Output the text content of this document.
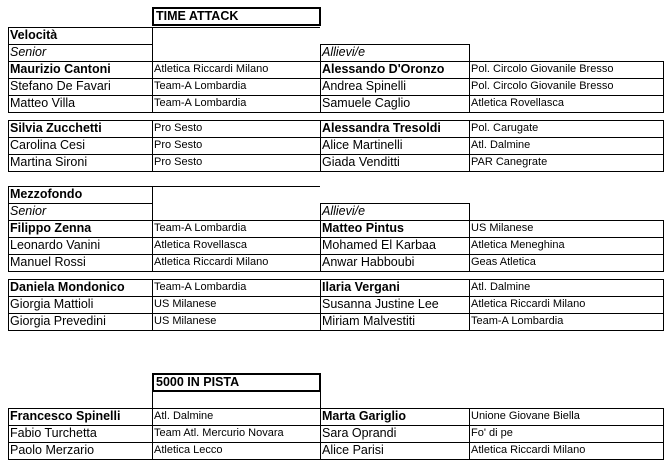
TIME ATTACK
Velocità
Senior	Allievi/e
Maurizio Cantoni	Atletica Riccardi Milano	Alessando D'Oronzo	Pol. Circolo Giovanile Bresso
Stefano De Favari	Team-A Lombardia	Andrea Spinelli	Pol. Circolo Giovanile Bresso
Matteo Villa	Team-A Lombardia	Samuele Caglio	Atletica Rovellasca
Silvia Zucchetti	Pro Sesto	Alessandra Tresoldi	Pol. Carugate
Carolina Cesi	Pro Sesto	Alice Martinelli	Atl. Dalmine
Martina Sironi	Pro Sesto	Giada Venditti	PAR Canegrate
Mezzofondo
Senior	Allievi/e
Filippo Zenna	Team-A Lombardia	Matteo Pintus	US Milanese
Leonardo Vanini	Atletica Rovellasca	Mohamed El Karbaa	Atletica Meneghina
Manuel Rossi	Atletica Riccardi Milano	Anwar Habboubi	Geas Atletica
Daniela Mondonico	Team-A Lombardia	Ilaria Vergani	Atl. Dalmine
Giorgia Mattioli	US Milanese	Susanna Justine Lee	Atletica Riccardi Milano
Giorgia Prevedini	US Milanese	Miriam Malvestiti	Team-A Lombardia
5000 IN PISTA
Francesco Spinelli	Atl. Dalmine	Marta Gariglio	Unione Giovane Biella
Fabio Turchetta	Team Atl. Mercurio Novara	Sara Oprandi	Fo' di pe
Paolo Merzario	Atletica Lecco	Alice Parisi	Atletica Riccardi Milano
